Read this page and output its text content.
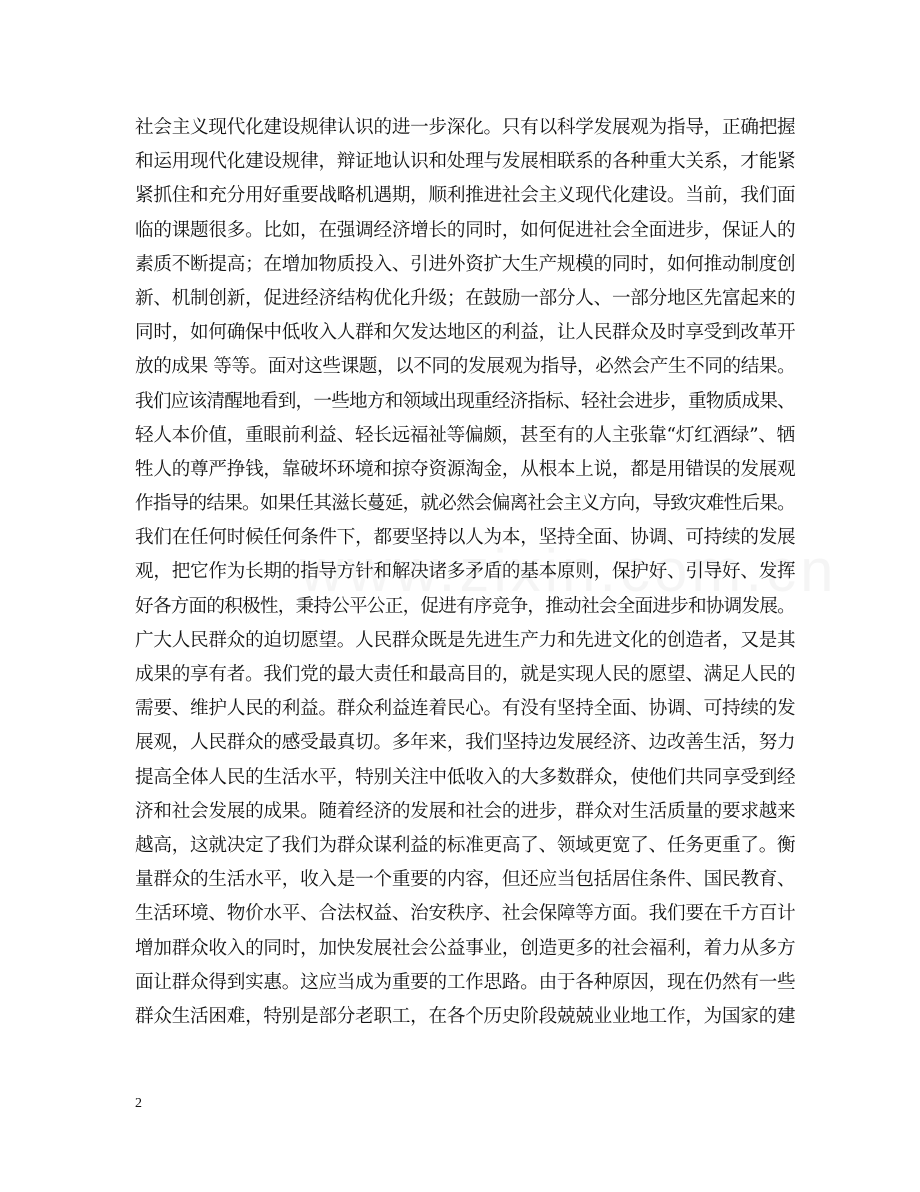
社会主义现代化建设规律认识的进一步深化。只有以科学发展观为指导，正确把握
和运用现代化建设规律，辩证地认识和处理与发展相联系的各种重大关系，才能紧
紧抓住和充分用好重要战略机遇期，顺利推进社会主义现代化建设。当前，我们面
临的课题很多。比如，在强调经济增长的同时，如何促进社会全面进步，保证人的
素质不断提高；在增加物质投入、引进外资扩大生产规模的同时，如何推动制度创
新、机制创新，促进经济结构优化升级；在鼓励一部分人、一部分地区先富起来的
同时，如何确保中低收入人群和欠发达地区的利益，让人民群众及时享受到改革开
放的成果 等等。面对这些课题，以不同的发展观为指导，必然会产生不同的结果。
我们应该清醒地看到，一些地方和领域出现重经济指标、轻社会进步，重物质成果、
轻人本价值，重眼前利益、轻长远福祉等偏颇，甚至有的人主张靠“灯红酒绿”、牺
牲人的尊严挣钱，靠破坏环境和掠夺资源淘金，从根本上说，都是用错误的发展观
作指导的结果。如果任其滋长蔓延，就必然会偏离社会主义方向，导致灾难性后果。
我们在任何时候任何条件下，都要坚持以人为本，坚持全面、协调、可持续的发展
观，把它作为长期的指导方针和解决诸多矛盾的基本原则，保护好、引导好、发挥
好各方面的积极性，秉持公平公正，促进有序竞争，推动社会全面进步和协调发展。
广大人民群众的迫切愿望。人民群众既是先进生产力和先进文化的创造者，又是其
成果的享有者。我们党的最大责任和最高目的，就是实现人民的愿望、满足人民的
需要、维护人民的利益。群众利益连着民心。有没有坚持全面、协调、可持续的发
展观，人民群众的感受最真切。多年来，我们坚持边发展经济、边改善生活，努力
提高全体人民的生活水平，特别关注中低收入的大多数群众，使他们共同享受到经
济和社会发展的成果。随着经济的发展和社会的进步，群众对生活质量的要求越来
越高，这就决定了我们为群众谋利益的标准更高了、领域更宽了、任务更重了。衡
量群众的生活水平，收入是一个重要的内容，但还应当包括居住条件、国民教育、
生活环境、物价水平、合法权益、治安秩序、社会保障等方面。我们要在千方百计
增加群众收入的同时，加快发展社会公益事业，创造更多的社会福利，着力从多方
面让群众得到实惠。这应当成为重要的工作思路。由于各种原因，现在仍然有一些
群众生活困难，特别是部分老职工，在各个历史阶段兢兢业业地工作，为国家的建
2
